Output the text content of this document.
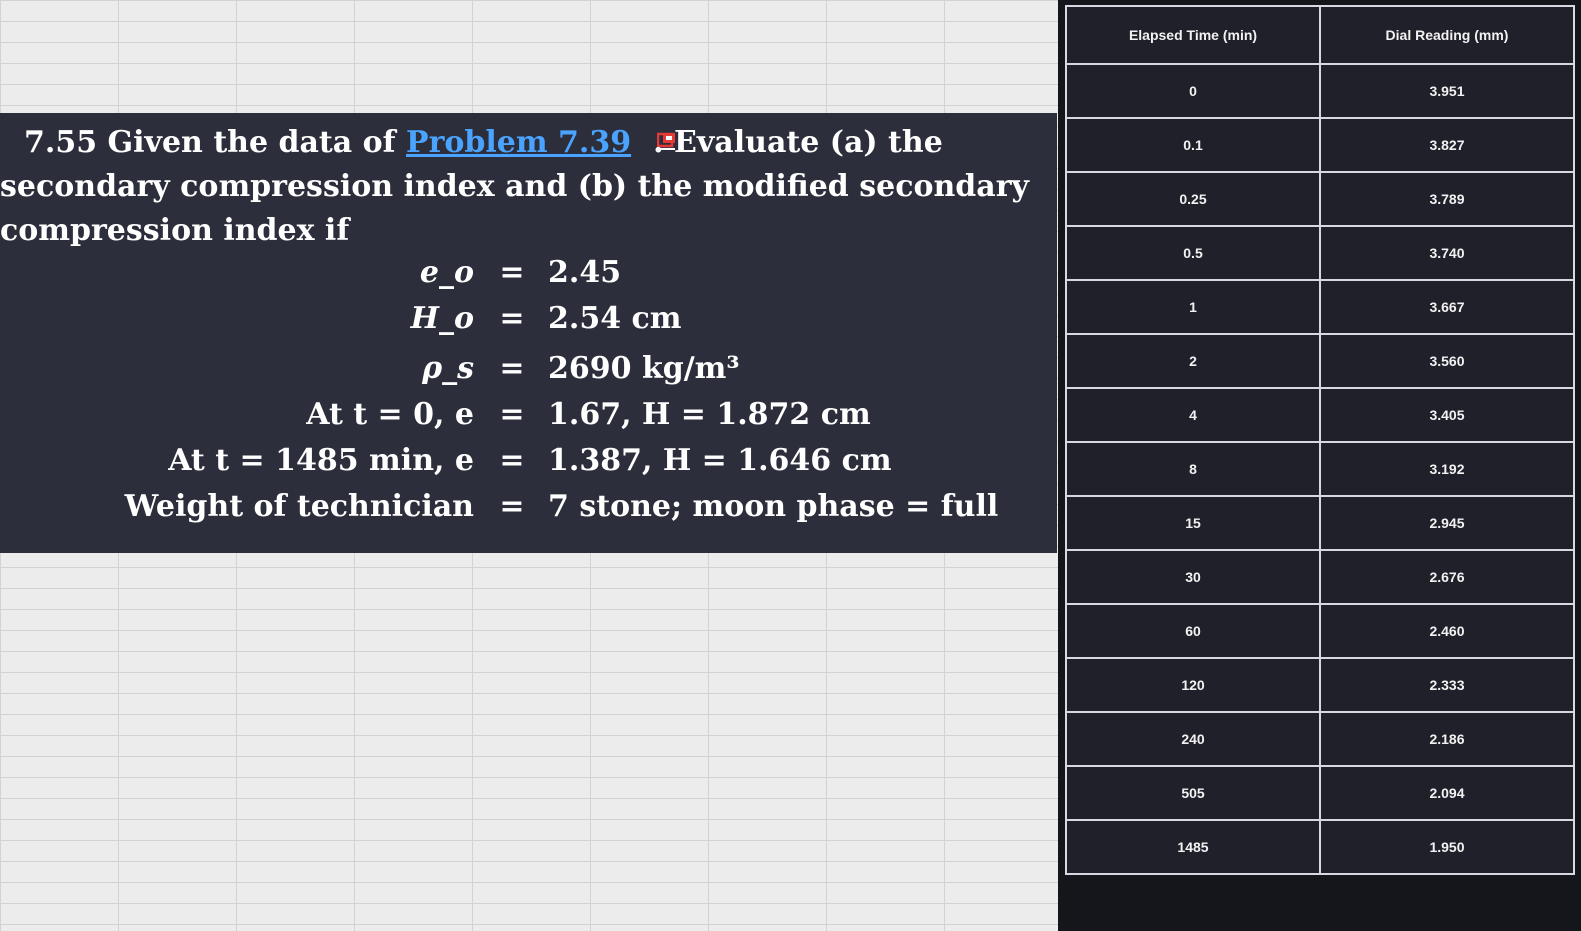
7.55 Given the data of Problem 7.39 . Evaluate (a) the secondary compression index and (b) the modified secondary compression index if

e_o = 2.45
H_o = 2.54 cm
ρ_s = 2690 kg/m³
At t = 0, e = 1.67, H = 1.872 cm
At t = 1485 min, e = 1.387, H = 1.646 cm
Weight of technician = 7 stone; moon phase = full
Elapsed Time (min)	Dial Reading (mm)
0	3.951
0.1	3.827
0.25	3.789
0.5	3.740
1	3.667
2	3.560
4	3.405
8	3.192
15	2.945
30	2.676
60	2.460
120	2.333
240	2.186
505	2.094
1485	1.950
